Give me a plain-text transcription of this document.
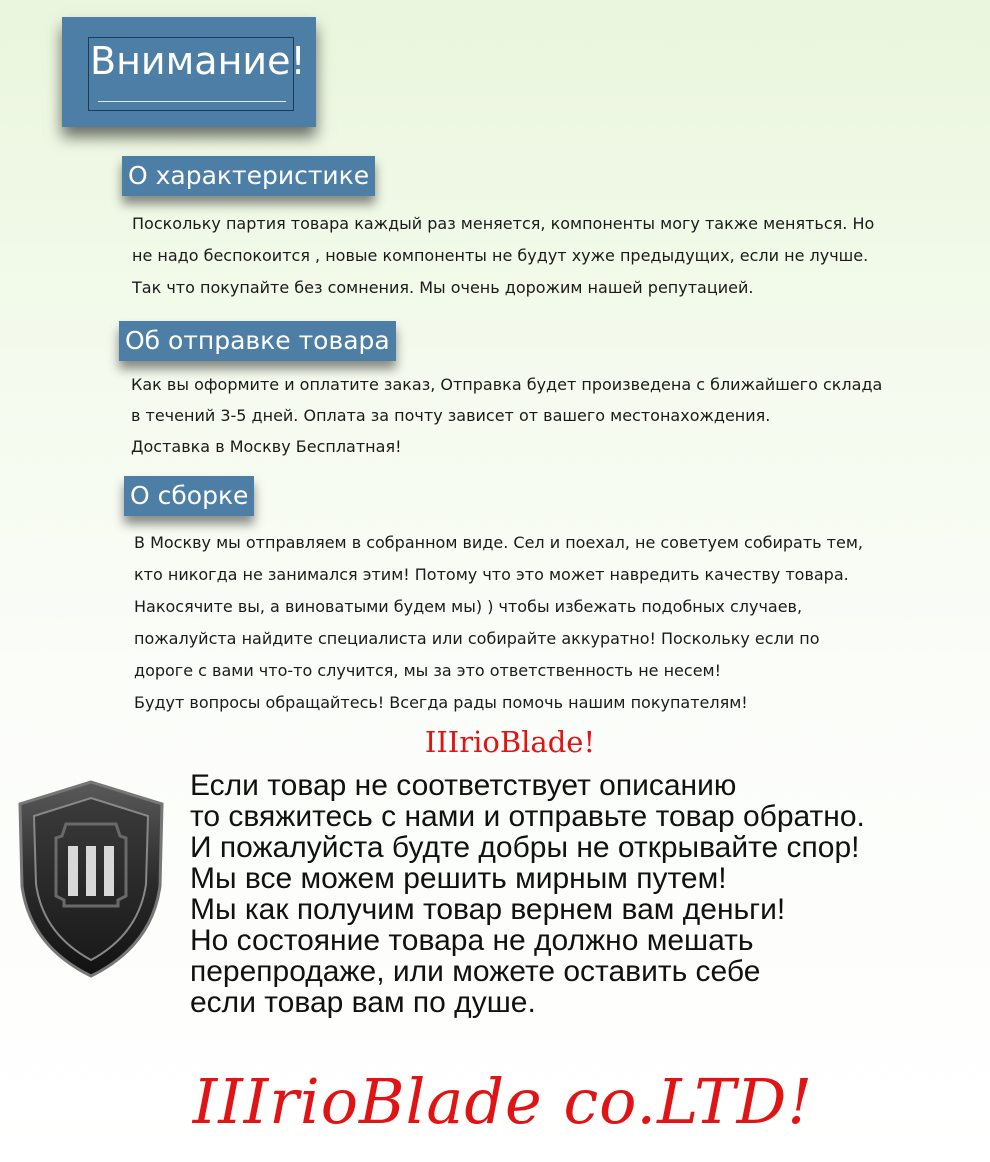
Внимание!
О характеристике
Поскольку партия товара каждый раз меняется, компоненты могу также меняться. Но
не надо беспокоится , новые компоненты не будут хуже предыдущих, если не лучше.
Так что покупайте без сомнения. Мы очень дорожим нашей репутацией.
Об отправке товара
Как вы оформите и оплатите заказ, Отправка будет произведена с ближайшего склада
в течений 3-5 дней. Оплата за почту зависет от вашего местонахождения.
Доставка в Москву Бесплатная!
О сборке
В Москву мы отправляем в собранном виде. Сел и поехал, не советуем собирать тем,
кто никогда не занимался этим! Потому что это может навредить качеству товара.
Накосячите вы, а виноватыми будем мы) ) чтобы избежать подобных случаев,
пожалуйста найдите специалиста или собирайте аккуратно! Поскольку если по
дороге с вами что-то случится, мы за это ответственность не несем!
Будут вопросы обращайтесь! Всегда рады помочь нашим покупателям!
IIIrioBlade!
Если товар не соответствует описанию
то свяжитесь с нами и отправьте товар обратно.
И пожалуйста будте добры не открывайте спор!
Мы все можем решить мирным путем!
Мы как получим товар вернем вам деньги!
Но состояние товара не должно мешать
перепродаже, или можете оставить себе
если товар вам по душе.
IIIrioBlade co.LTD!
